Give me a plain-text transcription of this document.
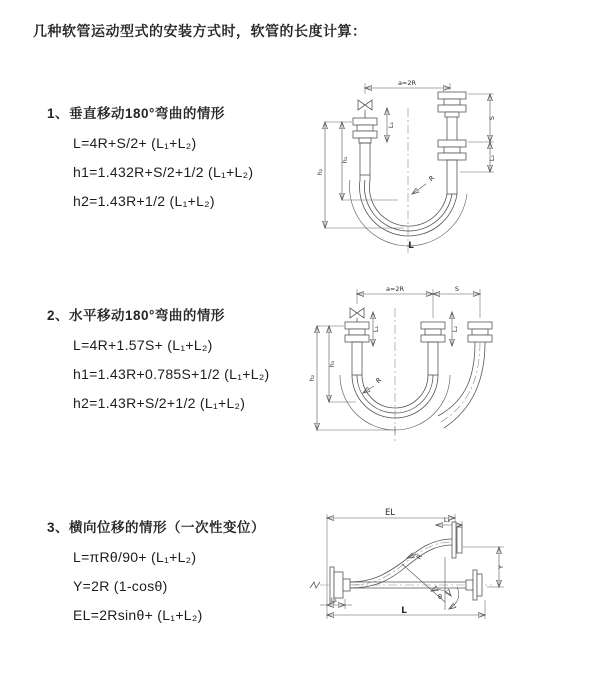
几种软管运动型式的安装方式时，软管的长度计算：
1、垂直移动180°弯曲的情形
L=4R+S/2+ (L₁+L₂)
h1=1.432R+S/2+1/2 (L₁+L₂)
h2=1.43R+1/2 (L₁+L₂)
a=2R
L₁
h₂
h₁
S
L₂
R
L
2、水平移动180°弯曲的情形
L=4R+1.57S+ (L₁+L₂)
h1=1.43R+0.785S+1/2 (L₁+L₂)
h2=1.43R+S/2+1/2 (L₁+L₂)
a=2R	S
L₁	L₂
h₂
h₁
R
3、横向位移的情形（一次性变位）
L=πRθ/90+ (L₁+L₂)
Y=2R (1-cosθ)
EL=2Rsinθ+ (L₁+L₂)
EL
L₂
Y
R
θ
L₁
L
